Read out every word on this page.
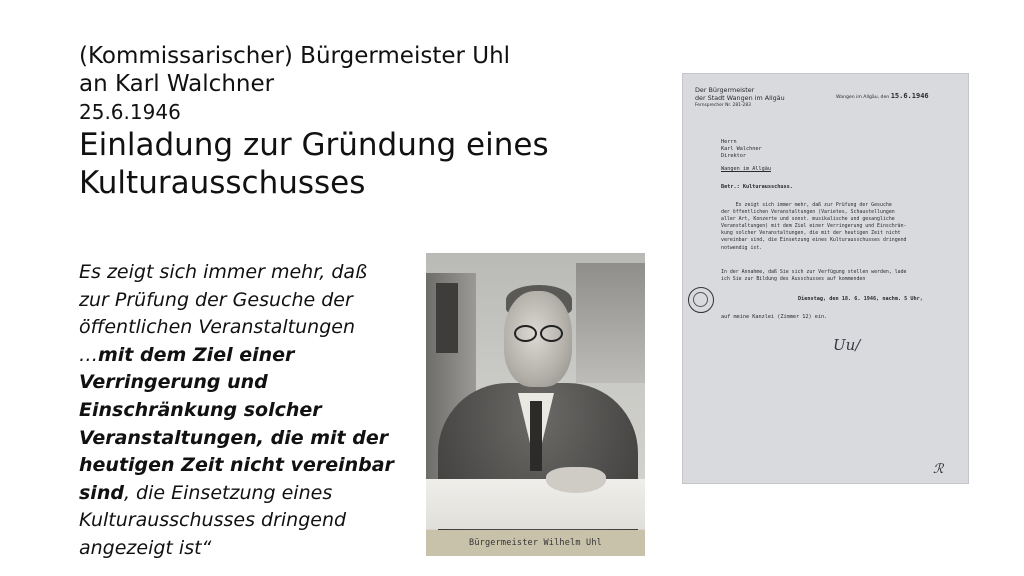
(Kommissarischer) Bürgermeister Uhl

an Karl Walchner

25.6.1946

Einladung zur Gründung eines

Kulturausschusses

Es zeigt sich immer mehr, daß

zur Prüfung der Gesuche der

öffentlichen Veranstaltungen

…mit dem Ziel einer

Verringerung und

Einschränkung solcher

Veranstaltungen, die mit der

heutigen Zeit nicht vereinbar

sind, die Einsetzung eines

Kulturausschusses dringend

angezeigt ist“	Bürgermeister Wilhelm Uhl
Der Bürgermeister
der Stadt Wangen im Allgäu
Fernsprecher Nr. 281-283
Wangen im Allgäu, den 15.6.1946
Herrn
Karl Walchner
Direktor
Wangen im Allgäu
Betr.: Kulturausschuss.
Es zeigt sich immer mehr, daß zur Prüfung der Gesuche
der öffentlichen Veranstaltungen (Varietes, Schaustellungen
aller Art, Konzerte und sonst. musikalische und gesangliche
Veranstaltungen) mit dem Ziel einer Verringerung und Einschrän-
kung solcher Veranstaltungen, die mit der heutigen Zeit nicht
vereinbar sind, die Einsetzung eines Kulturausschusses dringend
notwendig ist.
In der Annahme, daß Sie sich zur Verfügung stellen werden, lade
ich Sie zur Bildung des Ausschusses auf kommenden
Dienstag, den 18. 6. 1946, nachm. 5 Uhr,
auf meine Kanzlei (Zimmer 12) ein.
Uu/
ℛ
